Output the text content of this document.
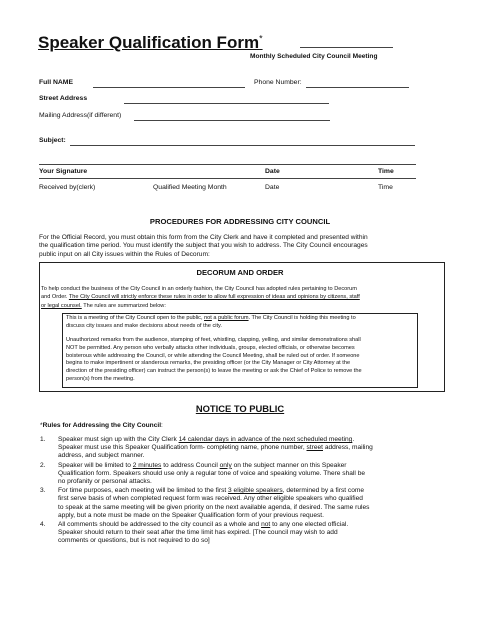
Speaker Qualification Form*
Monthly Scheduled City Council Meeting
Full NAME	Phone Number:
Street Address
Mailing Address(if different)
Subject:
Your Signature	Date	Time
Received by(clerk)	Qualified Meeting Month	Date	Time
PROCEDURES FOR ADDRESSING CITY COUNCIL
For the Official Record, you must obtain this form from the City Clerk and have it completed and presented within
the qualification time period. You must identify the subject that you wish to address. The City Council encourages
public input on all City issues within the Rules of Decorum:
DECORUM AND ORDER
To help conduct the business of the City Council in an orderly fashion, the City Council has adopted rules pertaining to Decorum
and Order. The City Council will strictly enforce these rules in order to allow full expression of ideas and opinions by citizens, staff
or legal counsel. The rules are summarized below:
This is a meeting of the City Council open to the public, not a public forum. The City Council is holding this meeting to
discuss city issues and make decisions about needs of the city.
Unauthorized remarks from the audience, stamping of feet, whistling, clapping, yelling, and similar demonstrations shall
NOT be permitted. Any person who verbally attacks other individuals, groups, elected officials, or otherwise becomes
boisterous while addressing the Council, or while attending the Council Meeting, shall be ruled out of order. If someone
begins to make impertinent or slanderous remarks, the presiding officer (or the City Manager or City Attorney at the
direction of the presiding officer) can instruct the person(s) to leave the meeting or ask the Chief of Police to remove the
person(s) from the meeting.
NOTICE TO PUBLIC
*Rules for Addressing the City Council:
1. Speaker must sign up with the City Clerk 14 calendar days in advance of the next scheduled meeting.
Speaker must use this Speaker Qualification form- completing name, phone number, street address, mailing
address, and subject manner.
2. Speaker will be limited to 2 minutes to address Council only on the subject manner on this Speaker
Qualification form. Speakers should use only a regular tone of voice and speaking volume. There shall be
no profanity or personal attacks.
3. For time purposes, each meeting will be limited to the first 3 eligible speakers, determined by a first come
first serve basis of when completed request form was received. Any other eligible speakers who qualified
to speak at the same meeting will be given priority on the next available agenda, if desired. The same rules
apply, but a note must be made on the Speaker Qualification form of your previous request.
4. All comments should be addressed to the city council as a whole and not to any one elected official.
Speaker should return to their seat after the time limit has expired. [The council may wish to add
comments or questions, but is not required to do so]
